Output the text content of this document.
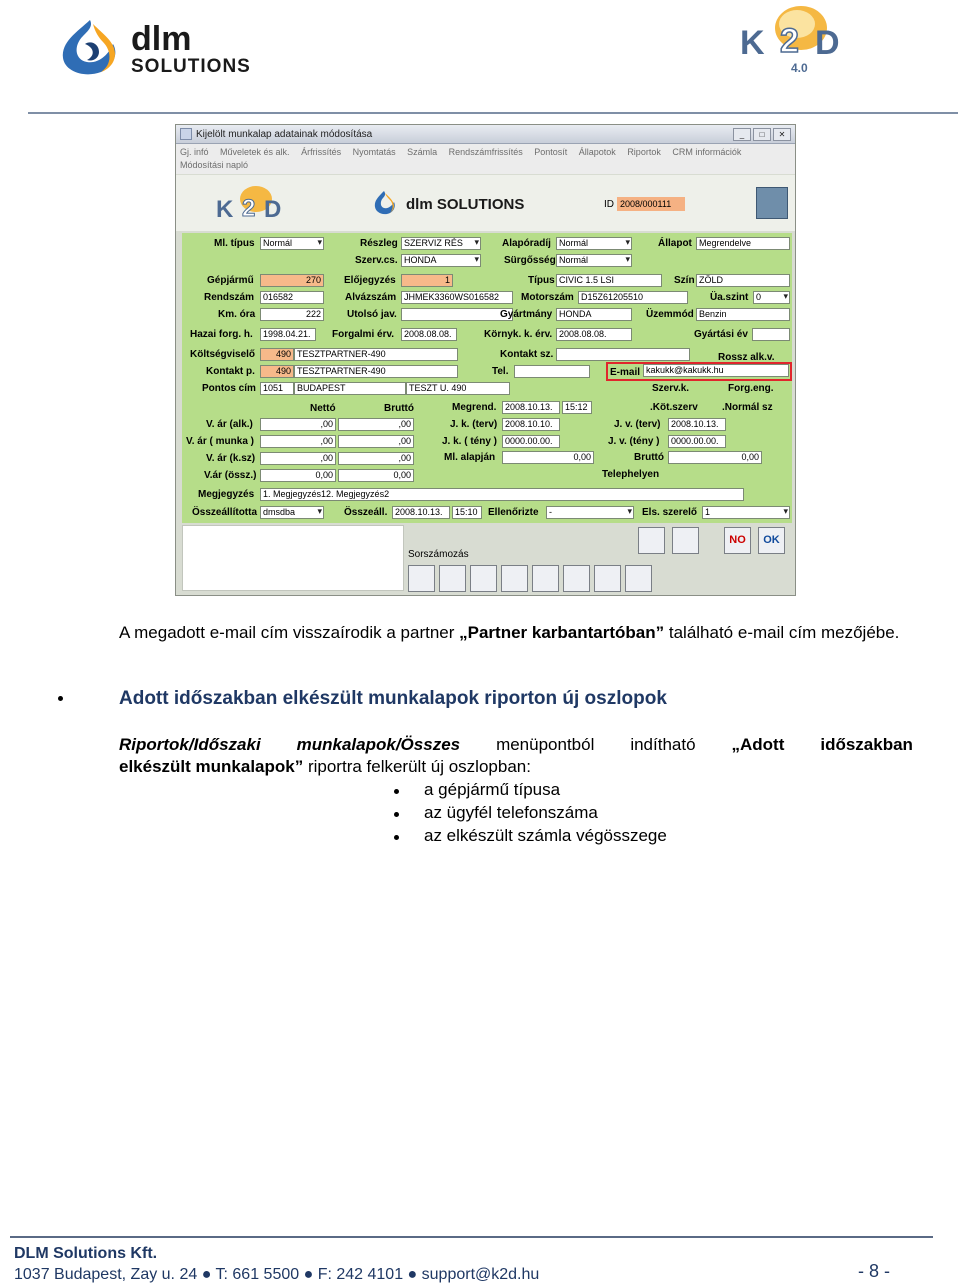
dlm
SOLUTIONS
K 2 D
4.0
Kijelölt munkalap adatainak módosítása	_	□	✕
Gj. infó Műveletek és alk. Árfrissítés Nyomtatás Számla Rendszámfrissítés Pontosít Állapotok Riportok CRM információk
Módosítási napló
K 2 D	dlm SOLUTIONS	ID 2008/000111
Ml. típus Normál ▾	Részleg SZERVIZ RÉS ▾	Alapóradíj Normál ▾	Állapot Megrendelve
Szerv.cs. HONDA ▾	Sürgősség Normál ▾
Gépjármű	270	Előjegyzés	1	Típus CIVIC 1.5 LSI	Szín ZÖLD
Rendszám 016582	Alvázszám JHMEK3360WS016582	Motorszám D15Z61205510	Üa.szint 0 ▾
Km. óra	222	Utolsó jav.	Gyártmány HONDA	Üzemmód Benzin
Hazai forg. h.	1998.04.21.	Forgalmi érv.	2008.08.08.	Környk. k. érv. 2008.08.08.	Gyártási év
Költségviselő	490 TESZTPARTNER-490	Kontakt sz.	Rossz alk.v.
Kontakt p.	490 TESZTPARTNER-490	Tel.	E-mail kakukk@kakukk.hu
Pontos cím 1051	BUDAPEST	TESZT U. 490	Szerv.k.	Forg.eng.
Nettó	Bruttó	Megrend. 2008.10.13.	15:12	.Köt.szerv .Normál sz
V. ár (alk.)	,00	,00	J. k. (terv) 2008.10.10.	J. v. (terv)	2008.10.13.
V. ár ( munka )	,00	,00	J. k. ( tény ) 0000.00.00.	J. v. (tény )	0000.00.00.
V. ár (k.sz)	,00	,00	Ml. alapján	0,00	Bruttó	0,00
V.ár (össz.)	0,00	0,00	Telephelyen
Megjegyzés 1. Megjegyzés12. Megjegyzés2
Összeállította dmsdba ▾	Összeáll. 2008.10.13.	15:10	Ellenőrizte	- ▾	Els. szerelő 1 ▾
Sorszámozás
NO	OK
A megadott e-mail cím visszaírodik a partner „Partner karbantartóban” található e-mail cím mezőjébe.
Adott időszakban elkészült munkalapok riporton új oszlopok
Riportok/Időszaki munkalapok/Összes menüpontból indítható „Adott időszakban
elkészült munkalapok” riportra felkerült új oszlopban:
a gépjármű típusa
az ügyfél telefonszáma
az elkészült számla végösszege
DLM Solutions Kft.
1037 Budapest, Zay u. 24 ● T: 661 5500 ● F: 242 4101 ● support@k2d.hu	- 8 -
